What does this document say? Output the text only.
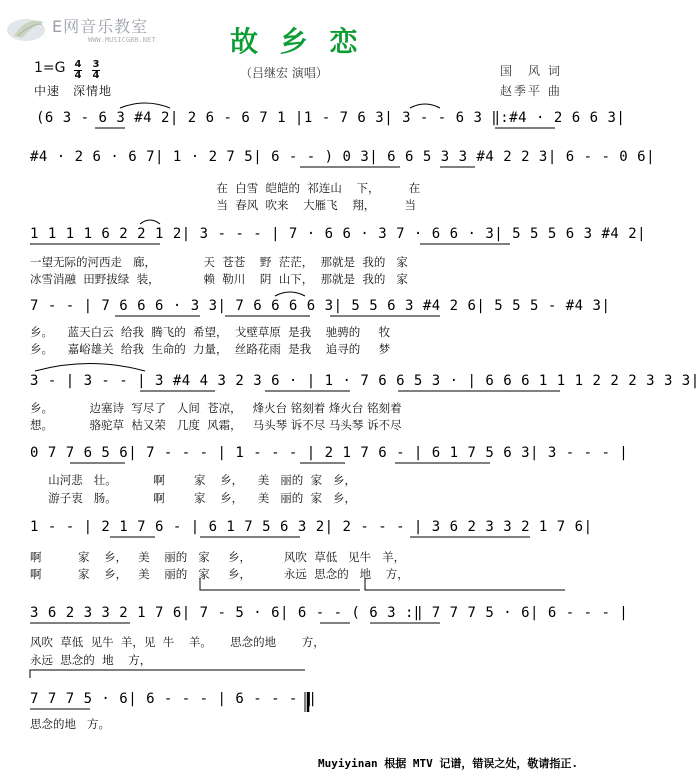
E网音乐教室
WWW.MUSICGBB.NET	故 乡 恋
（吕继宏 演唱）	国　风 词
赵季平 曲
1=G 4
4
3
4
中速　深情地
(6 3 - 6 3 #4 2| 2 6 - 6 7 1 |1 - 7 6 3| 3 - - 6 3 ‖:#4 · 2 6 6 3|
#4 · 2 6 · 6 7| 1 · 2 7 5| 6 - - ) 0 3| 6 6 5 3 3 #4 2 2 3| 6 - - 0 6|
在  白雪  皑皑的  祁连山    下，        在
当  春风  吹来    大雁飞    翔，        当
1 1 1 1 6 2 2 1 2| 3 - - - | 7 · 6 6 · 3 7 · 6 6 · 3| 5 5 5 6 3 #4 2|
一望无际的河西走   廊，             天  苍苍    野  茫茫，  那就是  我的   家
冰雪消融  田野拔绿  装，            赖  勒川    阴  山下，  那就是  我的   家
7 - - | 7 6 6 6 · 3 3| 7 6 6 6 6 3| 5 5 6 3 #4 2 6| 5 5 5 - #4 3|
乡。    蓝天白云  给我  腾飞的  希望，  戈壁草原  是我    驰骋的     牧
乡。    嘉峪雄关  给我  生命的  力量，  丝路花雨  是我    追寻的     梦
3 - | 3 - - | 3 #4 4 3 2 3 6 · | 1 · 7 6 6 5 3 · | 6 6 6 1 1 1 2 2 2 3 3 3|
乡。          边塞诗  写尽了   人间  苍凉，   烽火台 铭刻着 烽火台 铭刻着
想。          骆驼草  枯又荣   几度  风霜，   马头琴 诉不尽 马头琴 诉不尽
0 7 7 6 5 6| 7 - - - | 1 - - - | 2 1 7 6 - | 6 1 7 5 6 3| 3 - - - |
山河悲   壮。          啊        家    乡，    美   丽的  家   乡，
游子衷   肠。          啊        家    乡，    美   丽的  家   乡，
1 - - | 2 1 7 6 - | 6 1 7 5 6 3 2| 2 - - - | 3 6 2 3 3 2 1 7 6|
啊          家    乡，   美    丽的   家     乡，         风吹  草低   见牛   羊，
啊          家    乡，   美    丽的   家     乡，         永远  思念的   地    方，
3 6 2 3 3 2 1 7 6| 7 - 5 · 6| 6 - - ( 6 3 :‖ 7 7 7 5 · 6| 6 - - - |
风吹  草低  见牛  羊，见  牛    羊。     思念的地       方，
永远  思念的  地    方，
7 7 7 5 · 6| 6 - - - | 6 - - - ‖
思念的地   方。
Muyiyinan 根据 MTV 记谱，错误之处，敬请指正.
